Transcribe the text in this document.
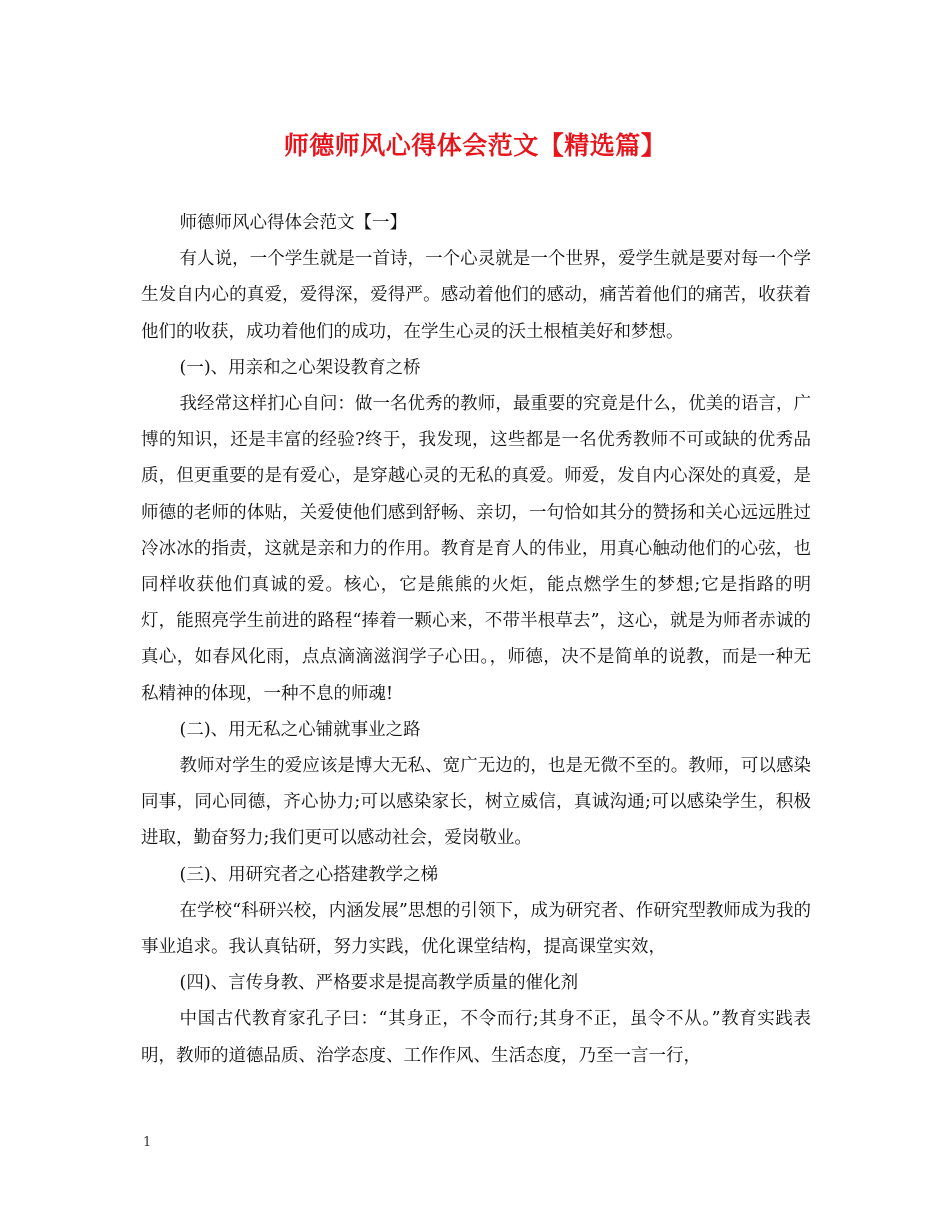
师德师风心得体会范文【精选篇】

师德师风心得体会范文【一】

有人说，一个学生就是一首诗，一个心灵就是一个世界，爱学生就是要对每一个学生发自内心的真爱，爱得深，爱得严。感动着他们的感动，痛苦着他们的痛苦，收获着他们的收获，成功着他们的成功，在学生心灵的沃土根植美好和梦想。

(一)、用亲和之心架设教育之桥

我经常这样扪心自问：做一名优秀的教师，最重要的究竟是什么，优美的语言，广博的知识，还是丰富的经验?终于，我发现，这些都是一名优秀教师不可或缺的优秀品质，但更重要的是有爱心，是穿越心灵的无私的真爱。师爱，发自内心深处的真爱，是师德的老师的体贴，关爱使他们感到舒畅、亲切，一句恰如其分的赞扬和关心远远胜过冷冰冰的指责，这就是亲和力的作用。教育是育人的伟业，用真心触动他们的心弦，也同样收获他们真诚的爱。核心，它是熊熊的火炬，能点燃学生的梦想;它是指路的明灯，能照亮学生前进的路程“捧着一颗心来，不带半根草去”，这心，就是为师者赤诚的真心，如春风化雨，点点滴滴滋润学子心田。，师德，决不是简单的说教，而是一种无私精神的体现，一种不息的师魂!

(二)、用无私之心铺就事业之路

教师对学生的爱应该是博大无私、宽广无边的，也是无微不至的。教师，可以感染同事，同心同德，齐心协力;可以感染家长，树立威信，真诚沟通;可以感染学生，积极进取，勤奋努力;我们更可以感动社会，爱岗敬业。

(三)、用研究者之心搭建教学之梯

在学校“科研兴校，内涵发展”思想的引领下，成为研究者、作研究型教师成为我的事业追求。我认真钻研，努力实践，优化课堂结构，提高课堂实效，

(四)、言传身教、严格要求是提高教学质量的催化剂

中国古代教育家孔子曰：“其身正，不令而行;其身不正，虽令不从。”教育实践表明，教师的道德品质、治学态度、工作作风、生活态度，乃至一言一行，

1
